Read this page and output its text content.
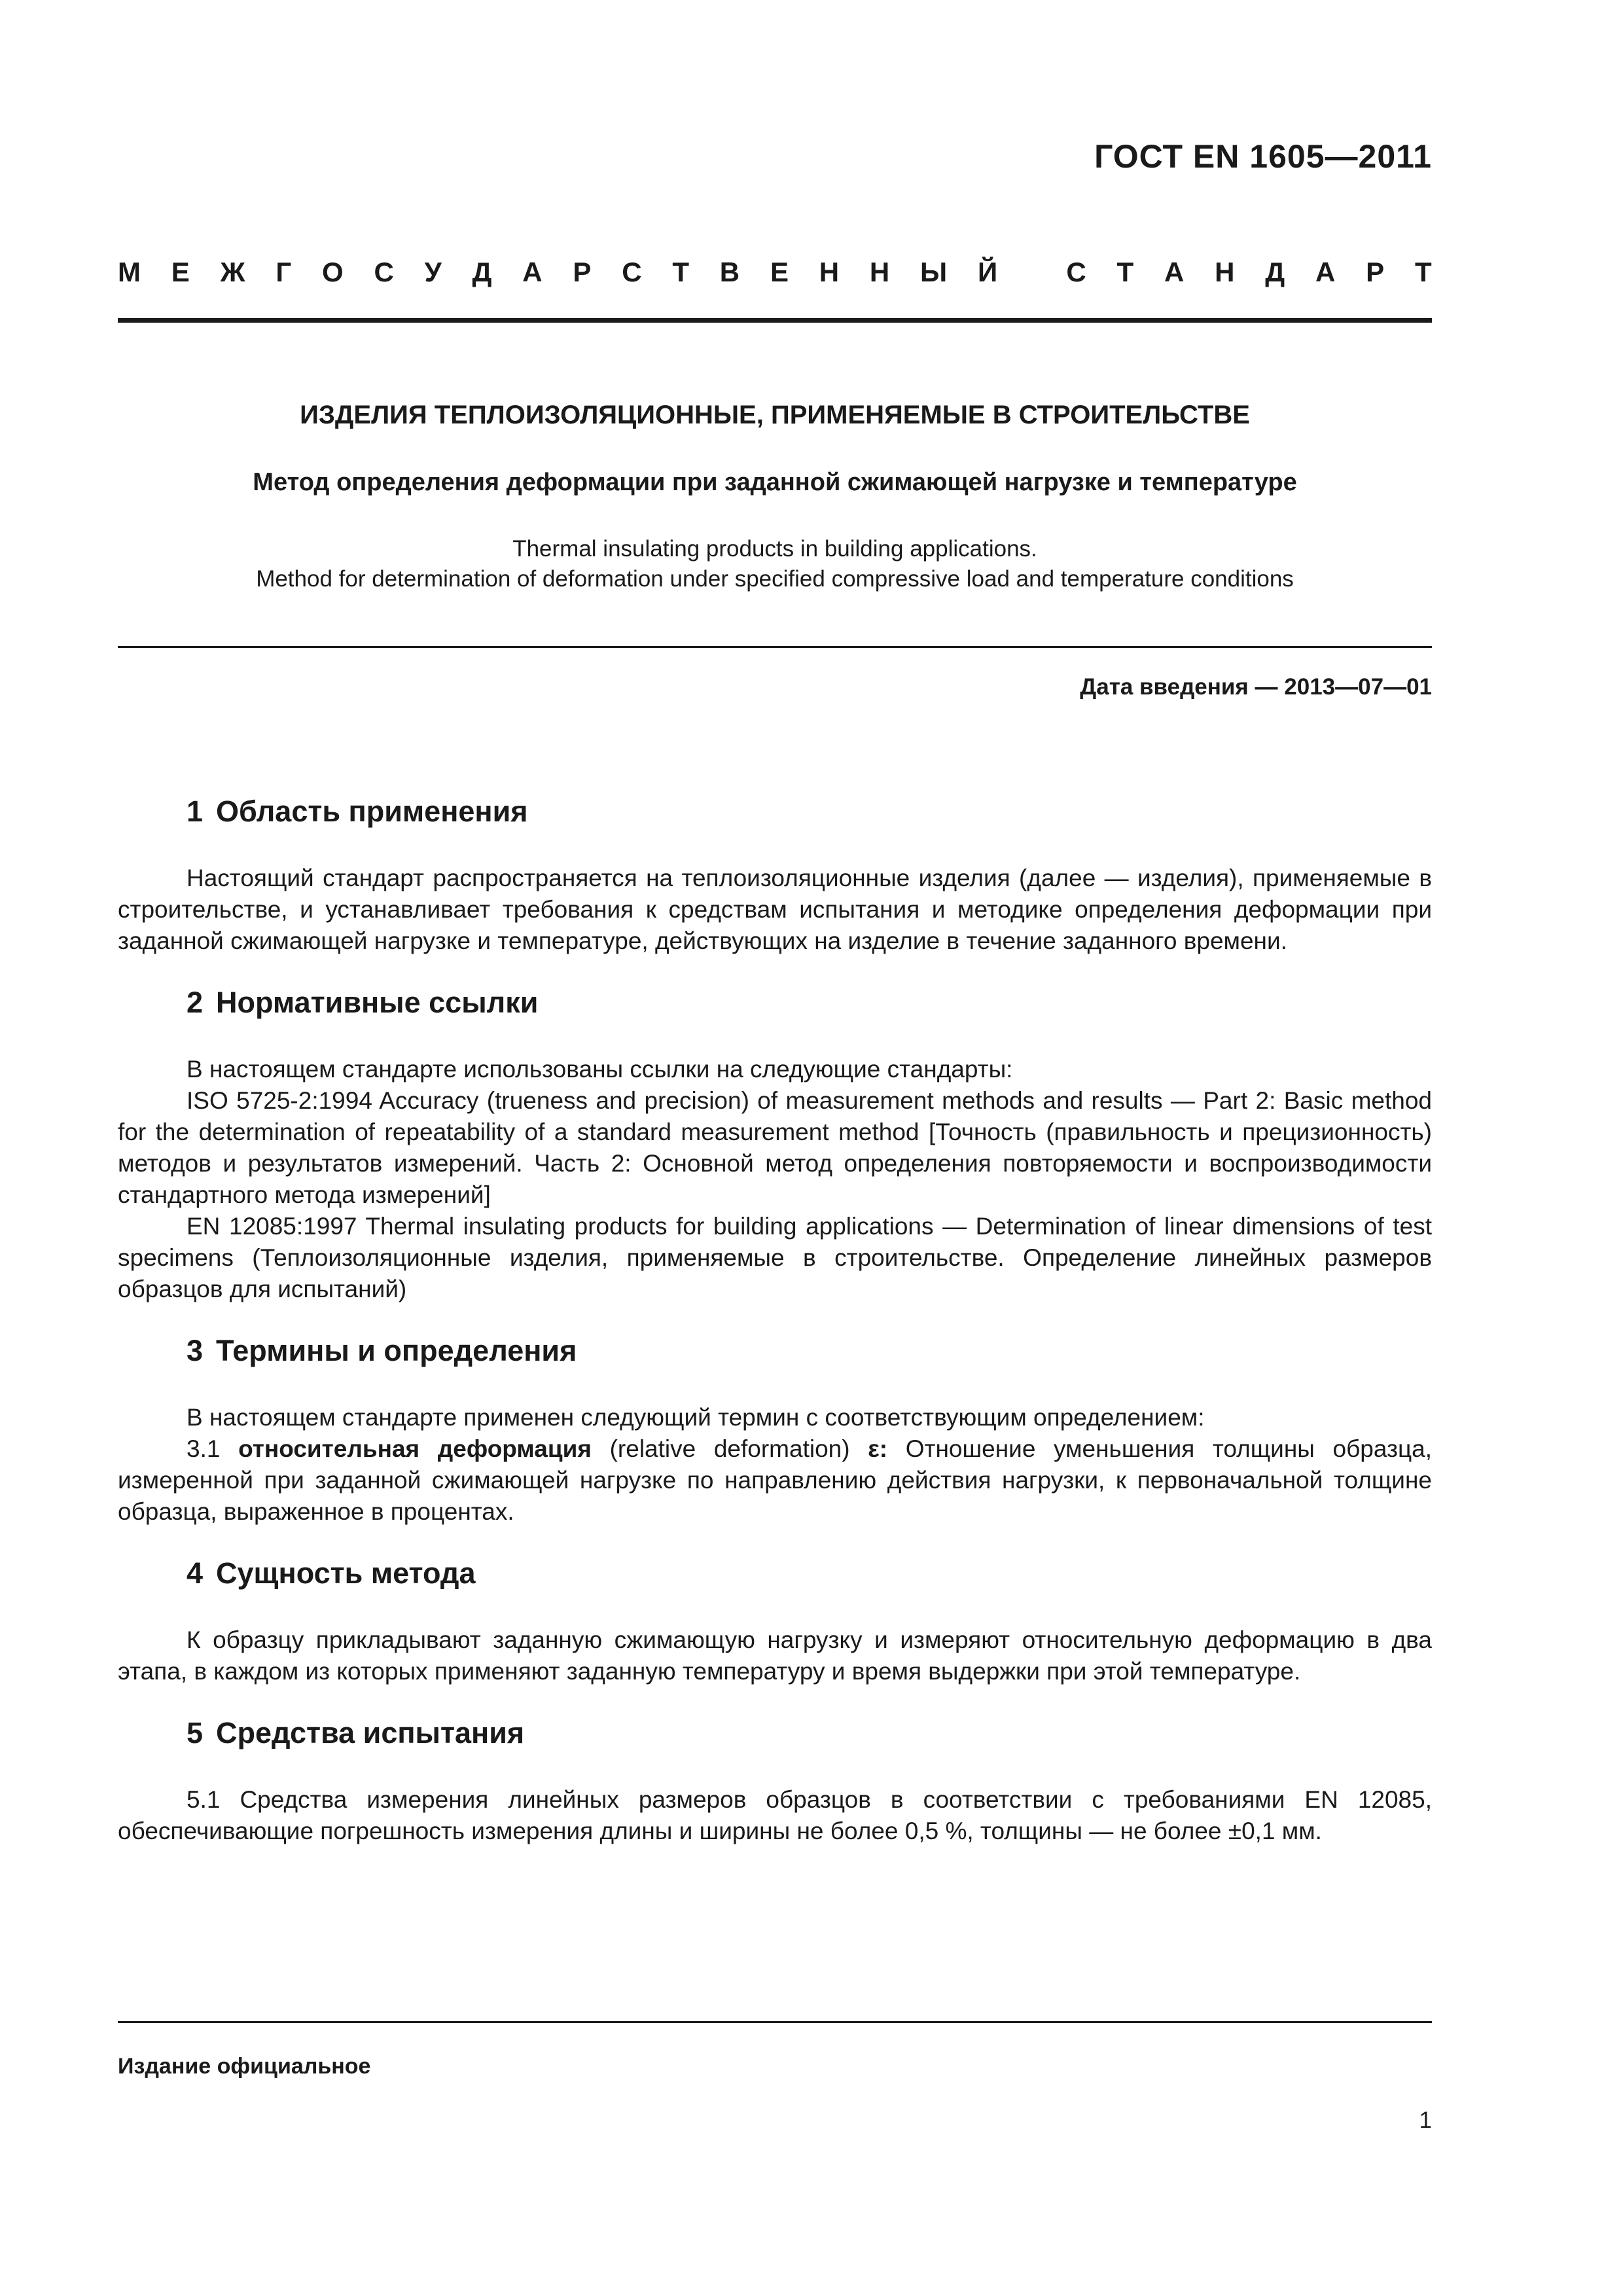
ГОСТ EN 1605—2011
М Е Ж Г О С У Д А Р С Т В Е Н Н Ы Й
	С Т А Н Д А Р Т
ИЗДЕЛИЯ ТЕПЛОИЗОЛЯЦИОННЫЕ, ПРИМЕНЯЕМЫЕ В СТРОИТЕЛЬСТВЕ
Метод определения деформации при заданной сжимающей нагрузке и температуре
Thermal insulating products in building applications.
Method for determination of deformation under specified compressive load and temperature conditions
Дата введения — 2013—07—01
1 Область применения

Настоящий стандарт распространяется на теплоизоляционные изделия (далее — изделия), применяемые в строительстве, и устанавливает требования к средствам испытания и методике определения деформации при заданной сжимающей нагрузке и температуре, действующих на изделие в течение заданного времени.

2 Нормативные ссылки

В настоящем стандарте использованы ссылки на следующие стандарты:

ISO 5725-2:1994 Accuracy (trueness and precision) of measurement methods and results — Part 2: Basic method for the determination of repeatability of a standard measurement method [Точность (правильность и прецизионность) методов и результатов измерений. Часть 2: Основной метод определения повторяемости и воспроизводимости стандартного метода измерений]

EN 12085:1997 Thermal insulating products for building applications — Determination of linear dimensions of test specimens (Теплоизоляционные изделия, применяемые в строительстве. Определение линейных размеров образцов для испытаний)

3 Термины и определения

В настоящем стандарте применен следующий термин с соответствующим определением:

3.1 относительная деформация (relative deformation) ε: Отношение уменьшения толщины образца, измеренной при заданной сжимающей нагрузке по направлению действия нагрузки, к первоначальной толщине образца, выраженное в процентах.

4 Сущность метода

К образцу прикладывают заданную сжимающую нагрузку и измеряют относительную деформацию в два этапа, в каждом из которых применяют заданную температуру и время выдержки при этой температуре.

5 Средства испытания

5.1 Средства измерения линейных размеров образцов в соответствии с требованиями EN 12085, обеспечивающие погрешность измерения длины и ширины не более 0,5 %, толщины — не более ±0,1 мм.

Издание официальное
1
